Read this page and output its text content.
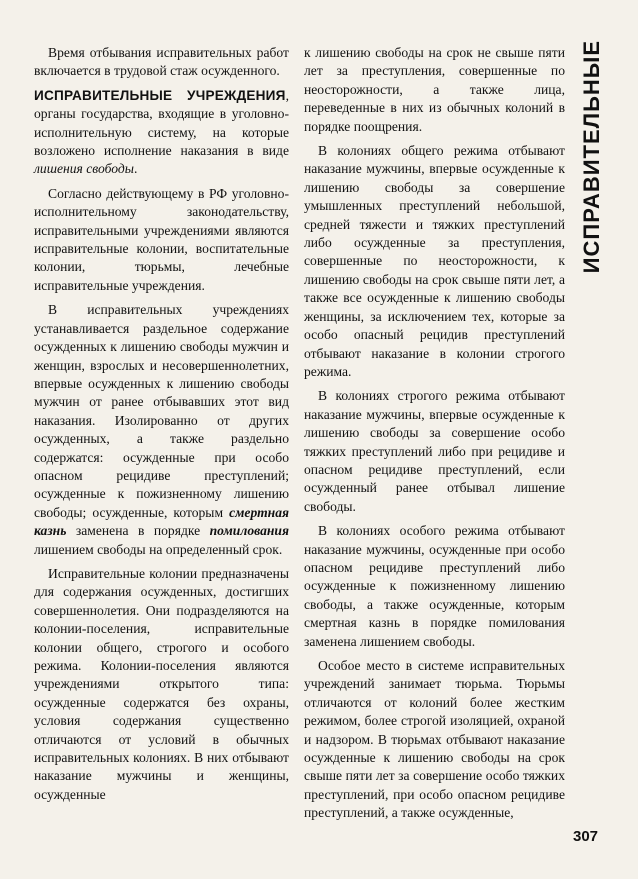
Время отбывания исправительных работ включается в трудовой стаж осужденного.

ИСПРАВИТЕЛЬНЫЕ УЧРЕЖДЕНИЯ, органы государства, входящие в уголовно-исполнительную систему, на которые возложено исполнение наказания в виде лишения свободы.

Согласно действующему в РФ уголовно-исполнительному законодательству, исправительными учреждениями являются исправительные колонии, воспитательные колонии, тюрьмы, лечебные исправительные учреждения.

В исправительных учреждениях устанавливается раздельное содержание осужденных к лишению свободы мужчин и женщин, взрослых и несовершеннолетних, впервые осужденных к лишению свободы мужчин от ранее отбывавших этот вид наказания. Изолированно от других осужденных, а также раздельно содержатся: осужденные при особо опасном рецидиве преступлений; осужденные к пожизненному лишению свободы; осужденные, которым смертная казнь заменена в порядке помилования лишением свободы на определенный срок.

Исправительные колонии предназначены для содержания осужденных, достигших совершеннолетия. Они подразделяются на колонии-поселения, исправительные колонии общего, строгого и особого режима. Колонии-поселения являются учреждениями открытого типа: осужденные содержатся без охраны, условия содержания существенно отличаются от условий в обычных исправительных колониях. В них отбывают наказание мужчины и женщины, осужденные

к лишению свободы на срок не свыше пяти лет за преступления, совершенные по неосторожности, а также лица, переведенные в них из обычных колоний в порядке поощрения.

В колониях общего режима отбывают наказание мужчины, впервые осужденные к лишению свободы за совершение умышленных преступлений небольшой, средней тяжести и тяжких преступлений либо осужденные за преступления, совершенные по неосторожности, к лишению свободы на срок свыше пяти лет, а также все осужденные к лишению свободы женщины, за исключением тех, которые за особо опасный рецидив преступлений отбывают наказание в колонии строгого режима.

В колониях строгого режима отбывают наказание мужчины, впервые осужденные к лишению свободы за совершение особо тяжких преступлений либо при рецидиве и опасном рецидиве преступлений, если осужденный ранее отбывал лишение свободы.

В колониях особого режима отбывают наказание мужчины, осужденные при особо опасном рецидиве преступлений либо осужденные к пожизненному лишению свободы, а также осужденные, которым смертная казнь в порядке помилования заменена лишением свободы.

Особое место в системе исправительных учреждений занимает тюрьма. Тюрьмы отличаются от колоний более жестким режимом, более строгой изоляцией, охраной и надзором. В тюрьмах отбывают наказание осужденные к лишению свободы на срок свыше пяти лет за совершение особо тяжких преступлений, при особо опасном рецидиве преступлений, а также осужденные,

ИСПРАВИТЕЛЬНЫЕ
307
